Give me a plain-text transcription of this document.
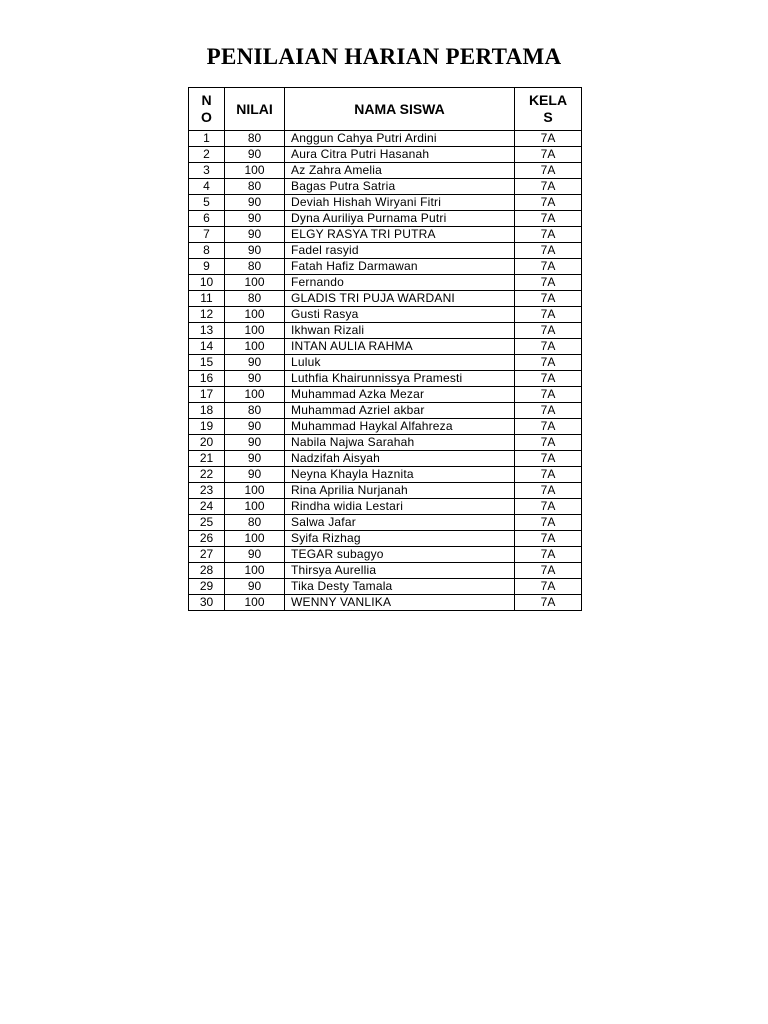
PENILAIAN HARIAN PERTAMA
NO	NILAI	NAMA SISWA	KELAS
1	80	Anggun Cahya Putri Ardini	7A
2	90	Aura Citra Putri Hasanah	7A
3	100	Az Zahra Amelia	7A
4	80	Bagas Putra Satria	7A
5	90	Deviah Hishah Wiryani Fitri	7A
6	90	Dyna Auriliya Purnama Putri	7A
7	90	ELGY RASYA TRI PUTRA	7A
8	90	Fadel rasyid	7A
9	80	Fatah Hafiz Darmawan	7A
10	100	Fernando	7A
11	80	GLADIS TRI PUJA WARDANI	7A
12	100	Gusti Rasya	7A
13	100	Ikhwan Rizali	7A
14	100	INTAN AULIA RAHMA	7A
15	90	Luluk	7A
16	90	Luthfia Khairunnissya Pramesti	7A
17	100	Muhammad Azka Mezar	7A
18	80	Muhammad Azriel akbar	7A
19	90	Muhammad Haykal Alfahreza	7A
20	90	Nabila Najwa Sarahah	7A
21	90	Nadzifah Aisyah	7A
22	90	Neyna Khayla Haznita	7A
23	100	Rina Aprilia Nurjanah	7A
24	100	Rindha widia Lestari	7A
25	80	Salwa Jafar	7A
26	100	Syifa Rizhag	7A
27	90	TEGAR subagyo	7A
28	100	Thirsya Aurellia	7A
29	90	Tika Desty Tamala	7A
30	100	WENNY VANLIKA	7A
